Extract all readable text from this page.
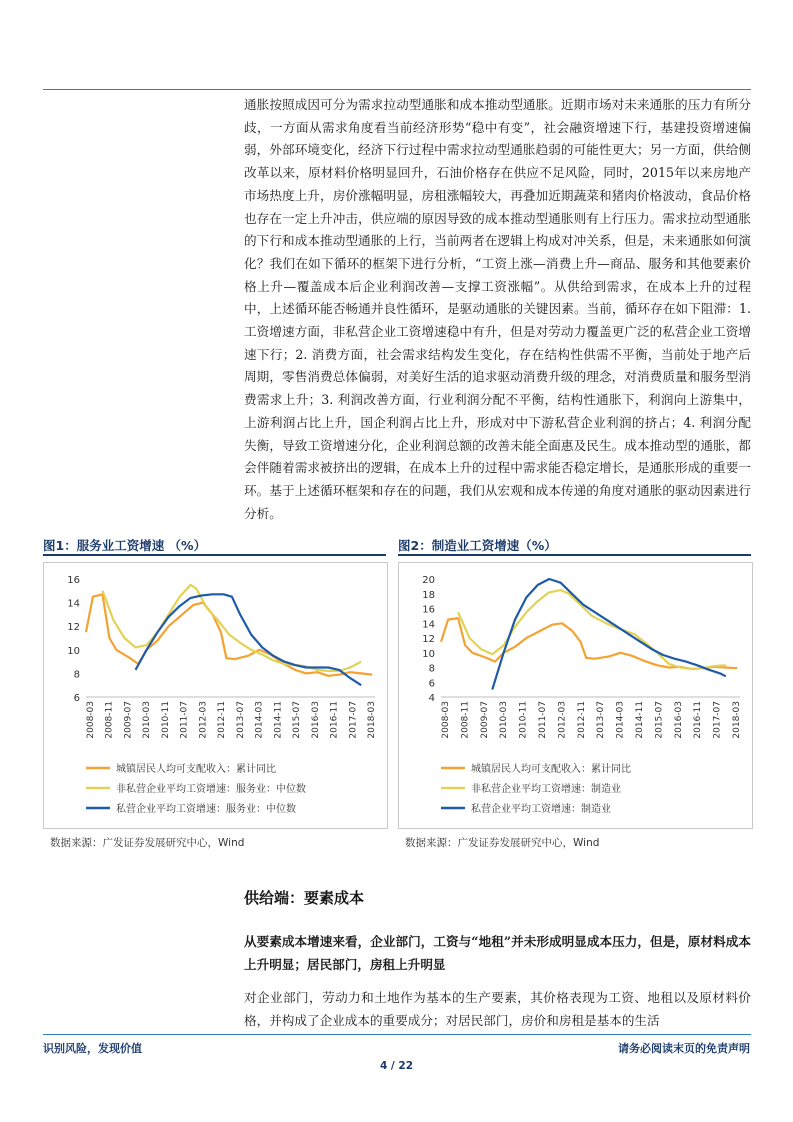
通胀按照成因可分为需求拉动型通胀和成本推动型通胀。近期市场对未来通胀的压力有所分歧，一方面从需求角度看当前经济形势“稳中有变”，社会融资增速下行，基建投资增速偏弱，外部环境变化，经济下行过程中需求拉动型通胀趋弱的可能性更大；另一方面，供给侧改革以来，原材料价格明显回升，石油价格存在供应不足风险，同时，2015年以来房地产市场热度上升，房价涨幅明显，房租涨幅较大，再叠加近期蔬菜和猪肉价格波动，食品价格也存在一定上升冲击，供应端的原因导致的成本推动型通胀则有上行压力。需求拉动型通胀的下行和成本推动型通胀的上行，当前两者在逻辑上构成对冲关系，但是，未来通胀如何演化？我们在如下循环的框架下进行分析，“工资上涨—消费上升—商品、服务和其他要素价格上升—覆盖成本后企业利润改善—支撑工资涨幅”。从供给到需求，在成本上升的过程中，上述循环能否畅通并良性循环，是驱动通胀的关键因素。当前，循环存在如下阻滞：1. 工资增速方面，非私营企业工资增速稳中有升，但是对劳动力覆盖更广泛的私营企业工资增速下行；2. 消费方面，社会需求结构发生变化，存在结构性供需不平衡，当前处于地产后周期，零售消费总体偏弱，对美好生活的追求驱动消费升级的理念，对消费质量和服务型消费需求上升；3. 利润改善方面，行业利润分配不平衡，结构性通胀下，利润向上游集中，上游利润占比上升，国企利润占比上升，形成对中下游私营企业利润的挤占；4. 利润分配失衡，导致工资增速分化，企业利润总额的改善未能全面惠及民生。成本推动型的通胀，都会伴随着需求被挤出的逻辑，在成本上升的过程中需求能否稳定增长，是通胀形成的重要一环。基于上述循环框架和存在的问题，我们从宏观和成本传递的角度对通胀的驱动因素进行分析。

图1：服务业工资增速 （%）
6
8
10
12
14
16
2008-03 2008-11 2009-07 2010-03 2010-11 2011-07 2012-03 2012-11 2013-07 2014-03 2014-11 2015-07 2016-03 2016-11 2017-07 2018-03
城镇居民人均可支配收入：累计同比
非私营企业平均工资增速：服务业：中位数
私营企业平均工资增速：服务业：中位数
数据来源：广发证券发展研究中心，Wind
图2：制造业工资增速（%）
4
6
8
10
12
14
16
18
20
2008-03 2008-11 2009-07 2010-03 2010-11 2011-07 2012-03 2012-11 2013-07 2014-03 2014-11 2015-07 2016-03 2016-11 2017-07 2018-03
城镇居民人均可支配收入：累计同比
非私营企业平均工资增速：制造业
私营企业平均工资增速：制造业
数据来源：广发证券发展研究中心，Wind
供给端：要素成本

从要素成本增速来看，企业部门，工资与“地租”并未形成明显成本压力，但是，原材料成本上升明显；居民部门，房租上升明显

对企业部门，劳动力和土地作为基本的生产要素，其价格表现为工资、地租以及原材料价格，并构成了企业成本的重要成分；对居民部门，房价和房租是基本的生活

识别风险，发现价值	请务必阅读末页的免责声明
4 / 22
